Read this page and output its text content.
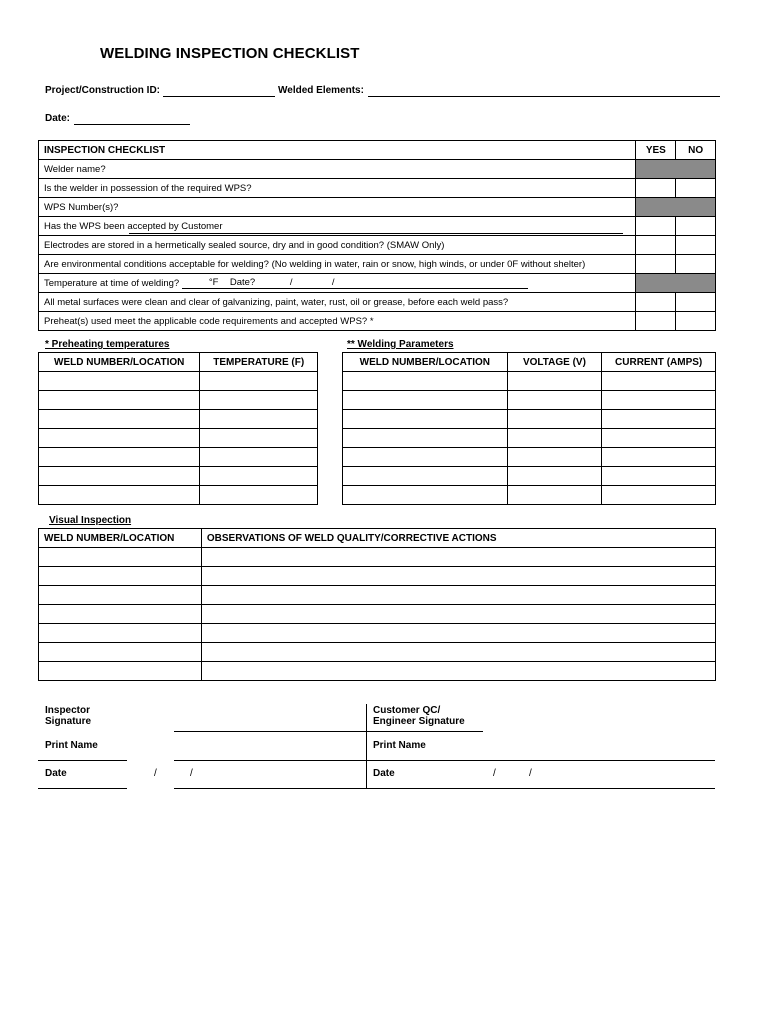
WELDING INSPECTION CHECKLIST
Project/Construction ID:	Welded Elements:
Date:
INSPECTION CHECKLIST	YES	NO
Welder name?		
Is the welder in possession of the required WPS?		
WPS Number(s)?		
Has the WPS been accepted by Customer

Electrodes are stored in a hermetically sealed source, dry and in good condition? (SMAW Only)		
Are environmental conditions acceptable for welding? (No welding in water, rain or snow, high winds, or under 0F without shelter)		
Temperature at time of welding? °F Date? / /		

All metal surfaces were clean and clear of galvanizing, paint, water, rust, oil or grease, before each weld pass?		
Preheat(s) used meet the applicable code requirements and accepted WPS? *		
* Preheating temperatures
WELD NUMBER/LOCATION	TEMPERATURE (F)

** Welding Parameters
WELD NUMBER/LOCATION	VOLTAGE (V)	CURRENT (AMPS)

Visual Inspection
WELD NUMBER/LOCATION	OBSERVATIONS OF WELD QUALITY/CORRECTIVE ACTIONS

Inspector
Signature
Customer QC/
Engineer Signature
Print Name	Print Name
Date	/	/	Date	/	/
